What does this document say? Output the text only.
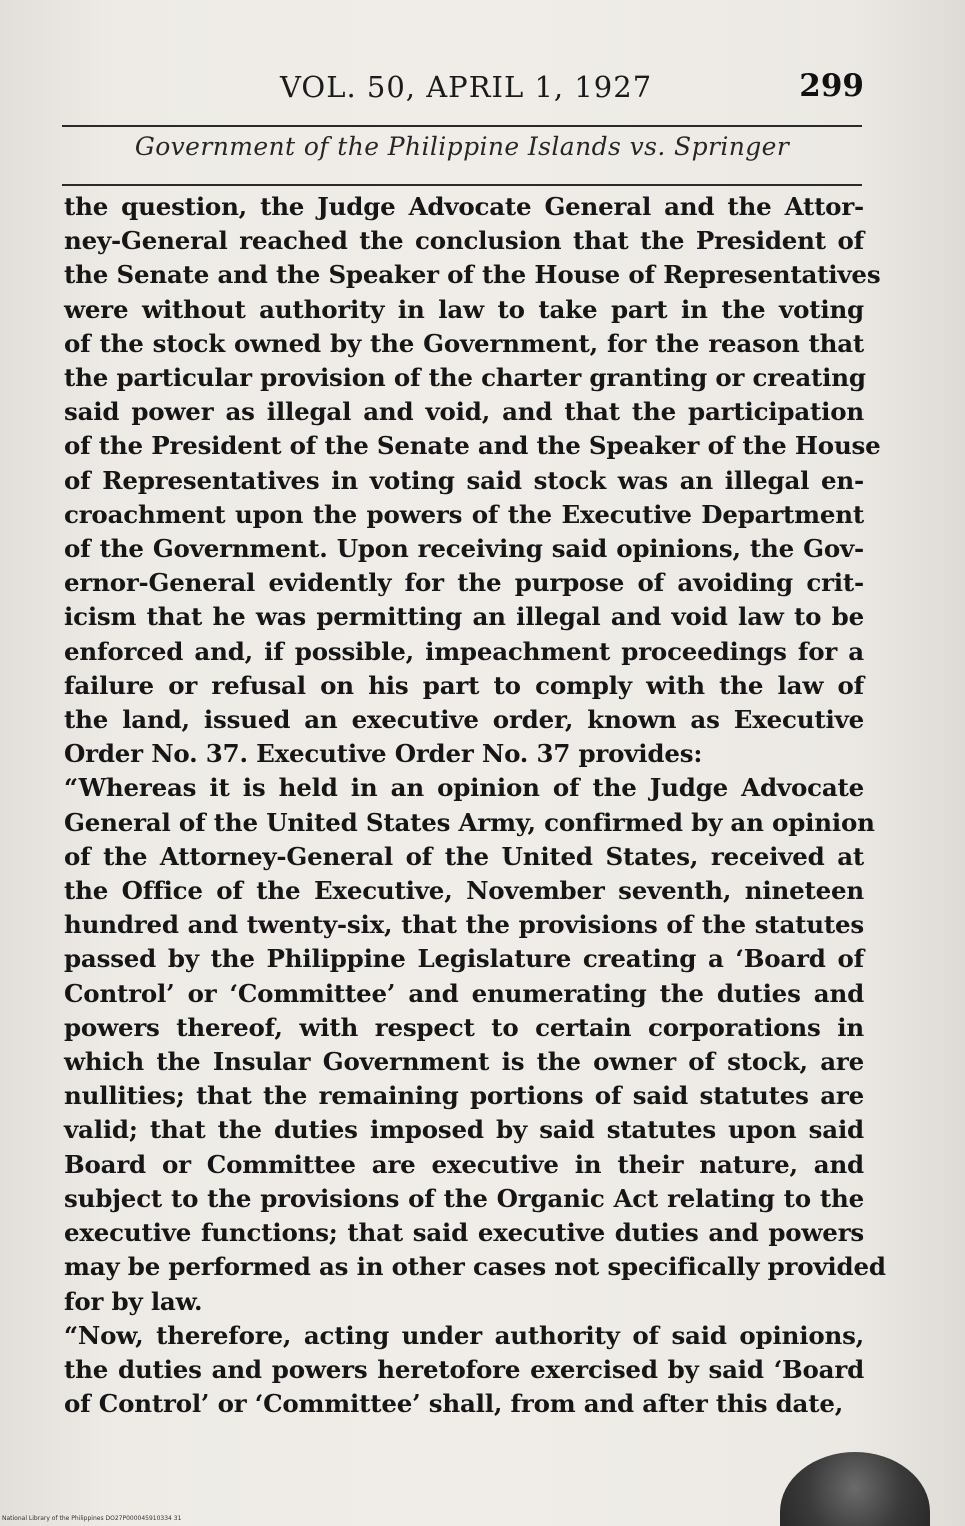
VOL. 50, APRIL 1, 1927	299
Government of the Philippine Islands vs. Springer
the question, the Judge Advocate General and the Attor-
ney-General reached the conclusion that the President of
the Senate and the Speaker of the House of Representatives
were without authority in law to take part in the voting
of the stock owned by the Government, for the reason that
the particular provision of the charter granting or creating
said power as illegal and void, and that the participation
of the President of the Senate and the Speaker of the House
of Representatives in voting said stock was an illegal en-
croachment upon the powers of the Executive Department
of the Government. Upon receiving said opinions, the Gov-
ernor-General evidently for the purpose of avoiding crit-
icism that he was permitting an illegal and void law to be
enforced and, if possible, impeachment proceedings for a
failure or refusal on his part to comply with the law of
the land, issued an executive order, known as Executive
Order No. 37. Executive Order No. 37 provides:
“Whereas it is held in an opinion of the Judge Advocate
General of the United States Army, confirmed by an opinion
of the Attorney-General of the United States, received at
the Office of the Executive, November seventh, nineteen
hundred and twenty-six, that the provisions of the statutes
passed by the Philippine Legislature creating a ‘Board of
Control’ or ‘Committee’ and enumerating the duties and
powers thereof, with respect to certain corporations in
which the Insular Government is the owner of stock, are
nullities; that the remaining portions of said statutes are
valid; that the duties imposed by said statutes upon said
Board or Committee are executive in their nature, and
subject to the provisions of the Organic Act relating to the
executive functions; that said executive duties and powers
may be performed as in other cases not specifically provided
for by law.
“Now, therefore, acting under authority of said opinions,
the duties and powers heretofore exercised by said ‘Board
of Control’ or ‘Committee’ shall, from and after this date,
National Library of the Philippines DO27P000045910334 31
